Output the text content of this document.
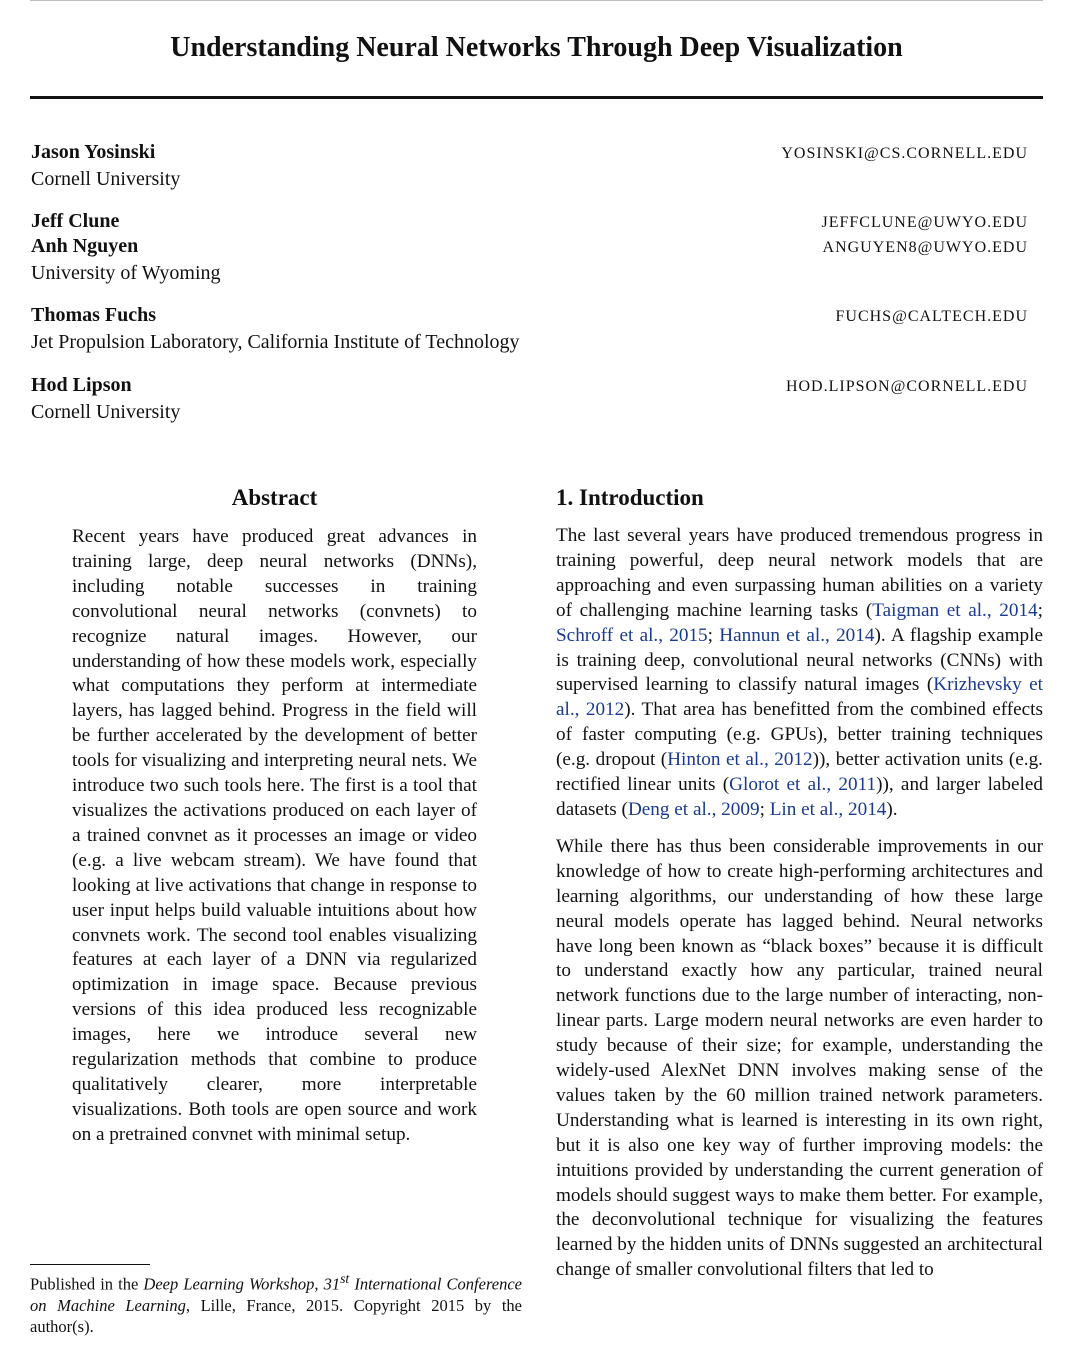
Understanding Neural Networks Through Deep Visualization
Jason Yosinski	YOSINSKI@CS.CORNELL.EDU
Cornell University
Jeff Clune	JEFFCLUNE@UWYO.EDU
Anh Nguyen	ANGUYEN8@UWYO.EDU
University of Wyoming
Thomas Fuchs	FUCHS@CALTECH.EDU
Jet Propulsion Laboratory, California Institute of Technology
Hod Lipson	HOD.LIPSON@CORNELL.EDU
Cornell University
Abstract

Recent years have produced great advances in training large, deep neural networks (DNNs), including notable successes in training convolutional neural networks (convnets) to recognize natural images. However, our understanding of how these models work, especially what computations they perform at intermediate layers, has lagged behind. Progress in the field will be further accelerated by the development of better tools for visualizing and interpreting neural nets. We introduce two such tools here. The first is a tool that visualizes the activations produced on each layer of a trained convnet as it processes an image or video (e.g. a live webcam stream). We have found that looking at live activations that change in response to user input helps build valuable intuitions about how convnets work. The second tool enables visualizing features at each layer of a DNN via regularized optimization in image space. Because previous versions of this idea produced less recognizable images, here we introduce several new regularization methods that combine to produce qualitatively clearer, more interpretable visualizations. Both tools are open source and work on a pretrained convnet with minimal setup.

1. Introduction

The last several years have produced tremendous progress in training powerful, deep neural network models that are approaching and even surpassing human abilities on a variety of challenging machine learning tasks (Taigman et al., 2014; Schroff et al., 2015; Hannun et al., 2014). A flagship example is training deep, convolutional neural networks (CNNs) with supervised learning to classify natural images (Krizhevsky et al., 2012). That area has benefitted from the combined effects of faster computing (e.g. GPUs), better training techniques (e.g. dropout (Hinton et al., 2012)), better activation units (e.g. rectified linear units (Glorot et al., 2011)), and larger labeled datasets (Deng et al., 2009; Lin et al., 2014).

While there has thus been considerable improvements in our knowledge of how to create high-performing architectures and learning algorithms, our understanding of how these large neural models operate has lagged behind. Neural networks have long been known as “black boxes” because it is difficult to understand exactly how any particular, trained neural network functions due to the large number of interacting, non-linear parts. Large modern neural networks are even harder to study because of their size; for example, understanding the widely-used AlexNet DNN involves making sense of the values taken by the 60 million trained network parameters. Understanding what is learned is interesting in its own right, but it is also one key way of further improving models: the intuitions provided by understanding the current generation of models should suggest ways to make them better. For example, the deconvolutional technique for visualizing the features learned by the hidden units of DNNs suggested an architectural change of smaller convolutional filters that led to

Published in the Deep Learning Workshop, 31st International Conference on Machine Learning, Lille, France, 2015. Copyright 2015 by the author(s).
